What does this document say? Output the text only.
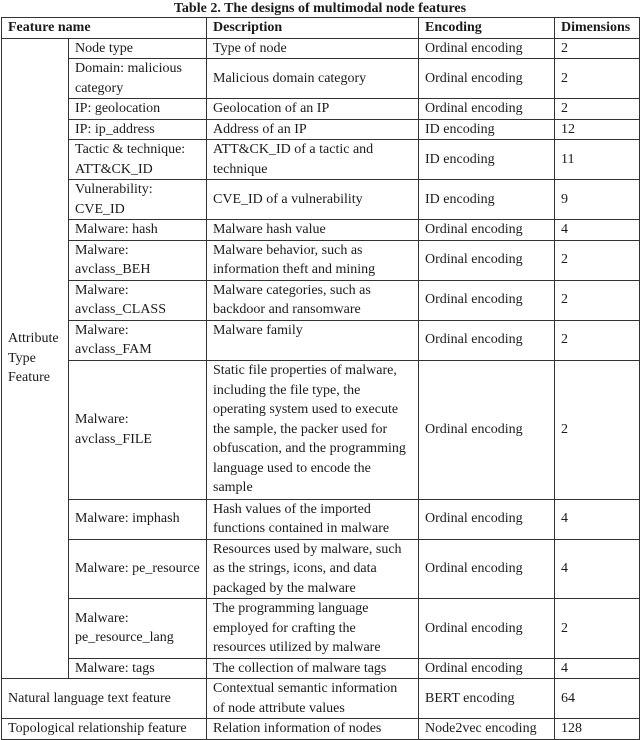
Table 2. The designs of multimodal node features
Feature name		Description	Encoding	Dimensions
Attribute Type Feature	Node type	Type of node	Ordinal encoding	2
	Domain: malicious category	Malicious domain category	Ordinal encoding	2
	IP: geolocation	Geolocation of an IP	Ordinal encoding	2
	IP: ip_address	Address of an IP	ID encoding	12
	Tactic & technique: ATT&CK_ID	ATT&CK_ID of a tactic and technique	ID encoding	11
	Vulnerability: CVE_ID	CVE_ID of a vulnerability	ID encoding	9
	Malware: hash	Malware hash value	Ordinal encoding	4
	Malware: avclass_BEH	Malware behavior, such as information theft and mining	Ordinal encoding	2
	Malware: avclass_CLASS	Malware categories, such as backdoor and ransomware	Ordinal encoding	2
	Malware: avclass_FAM	Malware family	Ordinal encoding	2
	Malware: avclass_FILE	Static file properties of malware, including the file type, the operating system used to execute the sample, the packer used for obfuscation, and the programming language used to encode the sample	Ordinal encoding	2
	Malware: imphash	Hash values of the imported functions contained in malware	Ordinal encoding	4
	Malware: pe_resource	Resources used by malware, such as the strings, icons, and data packaged by the malware	Ordinal encoding	4
	Malware: pe_resource_lang	The programming language employed for crafting the resources utilized by malware	Ordinal encoding	2
	Malware: tags	The collection of malware tags	Ordinal encoding	4
Natural language text feature		Contextual semantic information of node attribute values	BERT encoding	64
Topological relationship feature		Relation information of nodes	Node2vec encoding	128
